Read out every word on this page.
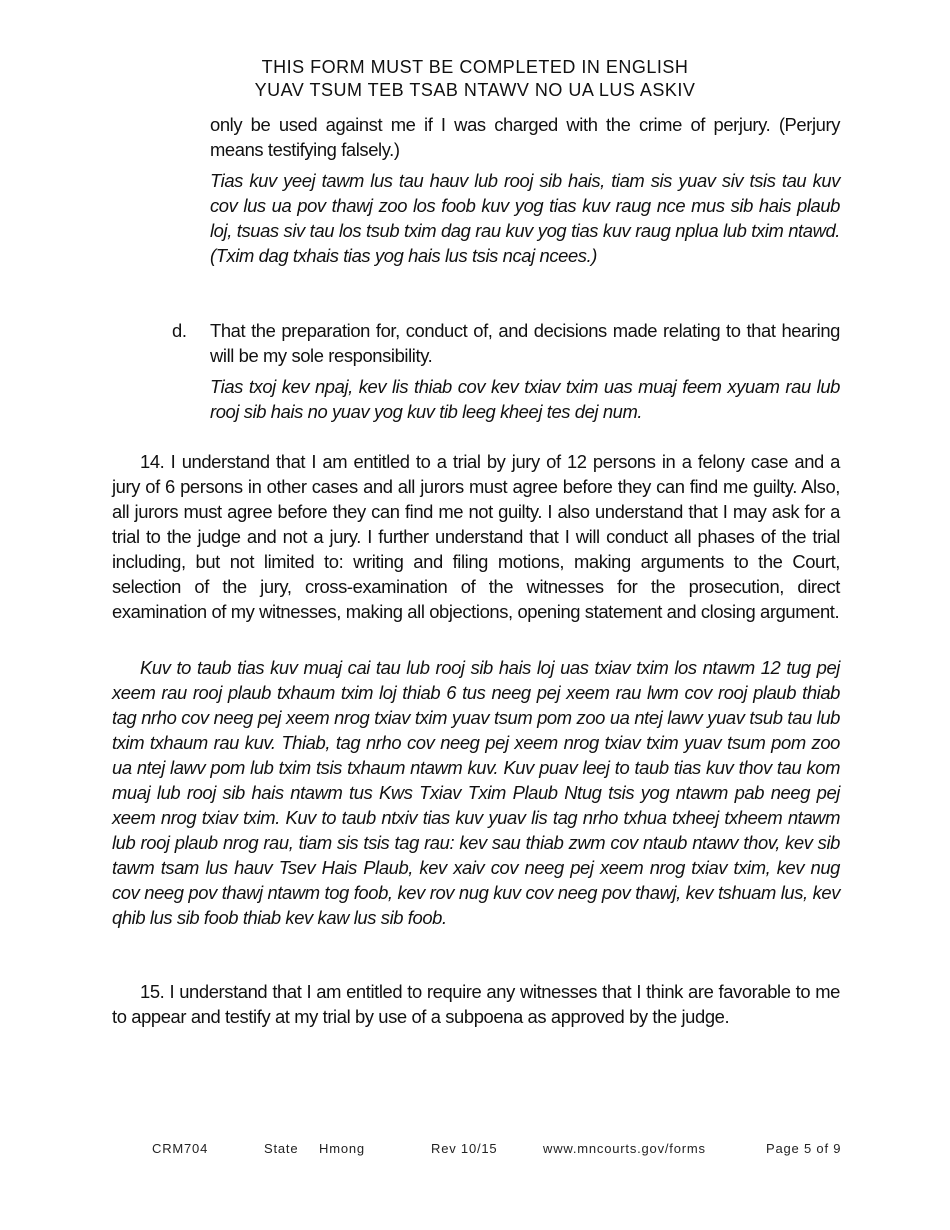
THIS FORM MUST BE COMPLETED IN ENGLISH
YUAV TSUM TEB TSAB NTAWV NO UA LUS ASKIV

only be used against me if I was charged with the crime of perjury. (Perjury means testifying falsely.)

Tias kuv yeej tawm lus tau hauv lub rooj sib hais, tiam sis yuav siv tsis tau kuv cov lus ua pov thawj zoo los foob kuv yog tias kuv raug nce mus sib hais plaub loj, tsuas siv tau los tsub txim dag rau kuv yog tias kuv raug nplua lub txim ntawd. (Txim dag txhais tias yog hais lus tsis ncaj ncees.)

d. That the preparation for, conduct of, and decisions made relating to that hearing will be my sole responsibility.

Tias txoj kev npaj, kev lis thiab cov kev txiav txim uas muaj feem xyuam rau lub rooj sib hais no yuav yog kuv tib leeg kheej tes dej num.

14. I understand that I am entitled to a trial by jury of 12 persons in a felony case and a jury of 6 persons in other cases and all jurors must agree before they can find me guilty. Also, all jurors must agree before they can find me not guilty. I also understand that I may ask for a trial to the judge and not a jury. I further understand that I will conduct all phases of the trial including, but not limited to: writing and filing motions, making arguments to the Court, selection of the jury, cross-examination of the witnesses for the prosecution, direct examination of my witnesses, making all objections, opening statement and closing argument.

Kuv to taub tias kuv muaj cai tau lub rooj sib hais loj uas txiav txim los ntawm 12 tug pej xeem rau rooj plaub txhaum txim loj thiab 6 tus neeg pej xeem rau lwm cov rooj plaub thiab tag nrho cov neeg pej xeem nrog txiav txim yuav tsum pom zoo ua ntej lawv yuav tsub tau lub txim txhaum rau kuv. Thiab, tag nrho cov neeg pej xeem nrog txiav txim yuav tsum pom zoo ua ntej lawv pom lub txim tsis txhaum ntawm kuv. Kuv puav leej to taub tias kuv thov tau kom muaj lub rooj sib hais ntawm tus Kws Txiav Txim Plaub Ntug tsis yog ntawm pab neeg pej xeem nrog txiav txim. Kuv to taub ntxiv tias kuv yuav lis tag nrho txhua txheej txheem ntawm lub rooj plaub nrog rau, tiam sis tsis tag rau: kev sau thiab zwm cov ntaub ntawv thov, kev sib tawm tsam lus hauv Tsev Hais Plaub, kev xaiv cov neeg pej xeem nrog txiav txim, kev nug cov neeg pov thawj ntawm tog foob, kev rov nug kuv cov neeg pov thawj, kev tshuam lus, kev qhib lus sib foob thiab kev kaw lus sib foob.

15. I understand that I am entitled to require any witnesses that I think are favorable to me to appear and testify at my trial by use of a subpoena as approved by the judge.

CRM704	State Hmong	Rev 10/15	www.mncourts.gov/forms	Page 5 of 9
